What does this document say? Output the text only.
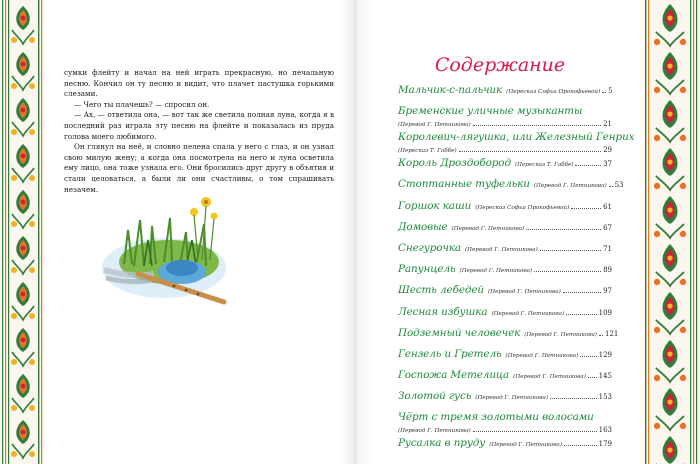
сумки флейту и начал на ней играть прекрасную, но печальную песню. Кончил он ту песню и видит, что плачет пастушка горькими слезами.

— Чего ты плачешь? — спросил он.

— Ах, — ответила она, — вот так же светила полная луна, когда я в последний раз играла эту песню на флейте и показалась из пруда голова моего любимого.

Он глянул на неё, и словно пелена спала у него с глаз, и он узнал свою милую жену; а когда она посмотрела на него и луна осветила ему лицо, она тоже узнала его. Они бросились друг другу в объятия и стали целоваться, а были ли они счастливы, о том спрашивать незачем.

Содержание
Мальчик-с-пальчик (Пересказ Софьи Прокофьевой) 5
Бременские уличные музыканты
(Перевод Г. Петникова)	21
Королевич-лягушка, или Железный Генрих
(Пересказ Т. Габбе)	29
Король Дроздобород (Пересказ Т. Габбе)	37
Стоптанные туфельки (Перевод Г. Петникова) 53
Горшок каши (Пересказ Софьи Прокофьевой)	61
Домовые (Перевод Г. Петникова)	67
Снегурочка (Перевод Г. Петникова)	71
Рапунцель (Перевод Г. Петникова)	89
Шесть лебедей (Перевод Г. Петникова)	97
Лесная избушка (Перевод Г. Петникова)	109
Подземный человечек (Перевод Г. Петникова) 121
Гензель и Гретель (Перевод Г. Петникова)	129
Госпожа Метелица (Перевод Г. Петникова) 145
Золотой гусь (Перевод Г. Петникова)	153
Чёрт с тремя золотыми волосами
(Перевод Г. Петникова)	163
Русалка в пруду (Перевод Г. Петникова)	179
